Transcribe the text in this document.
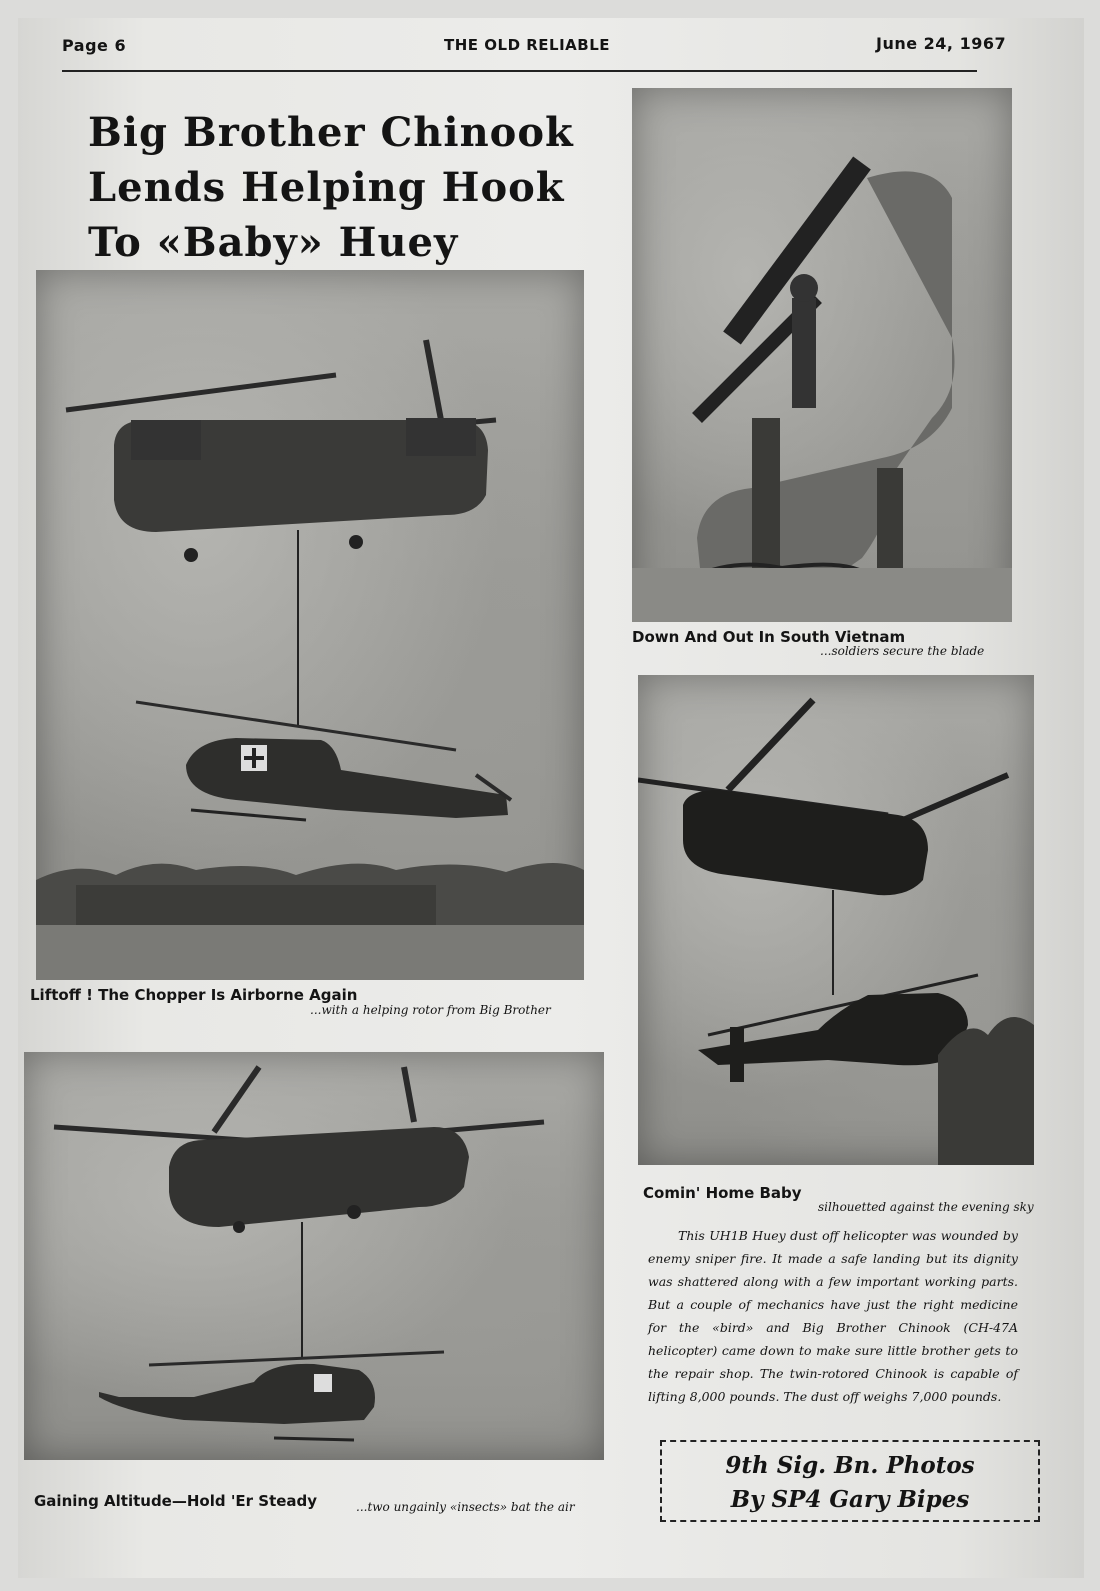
Page 6	THE OLD RELIABLE	June 24, 1967
Big Brother Chinook
Lends Helping Hook
To «Baby» Huey
Liftoff ! The Chopper Is Airborne Again
...with a helping rotor from Big Brother
Down And Out In South Vietnam
...soldiers secure the blade
Comin' Home Baby
silhouetted against the evening sky
Gaining Altitude—Hold 'Er Steady	...two ungainly «insects» bat the air
This UH1B Huey dust off helicopter was wounded by enemy sniper fire. It made a safe landing but its dignity was shattered along with a few important working parts. But a couple of mechanics have just the right medicine for the «bird» and Big Brother Chinook (CH-47A helicopter) came down to make sure little brother gets to the repair shop. The twin-rotored Chinook is capable of lifting 8,000 pounds. The dust off weighs 7,000 pounds.
9th Sig. Bn. Photos
By SP4 Gary Bipes
